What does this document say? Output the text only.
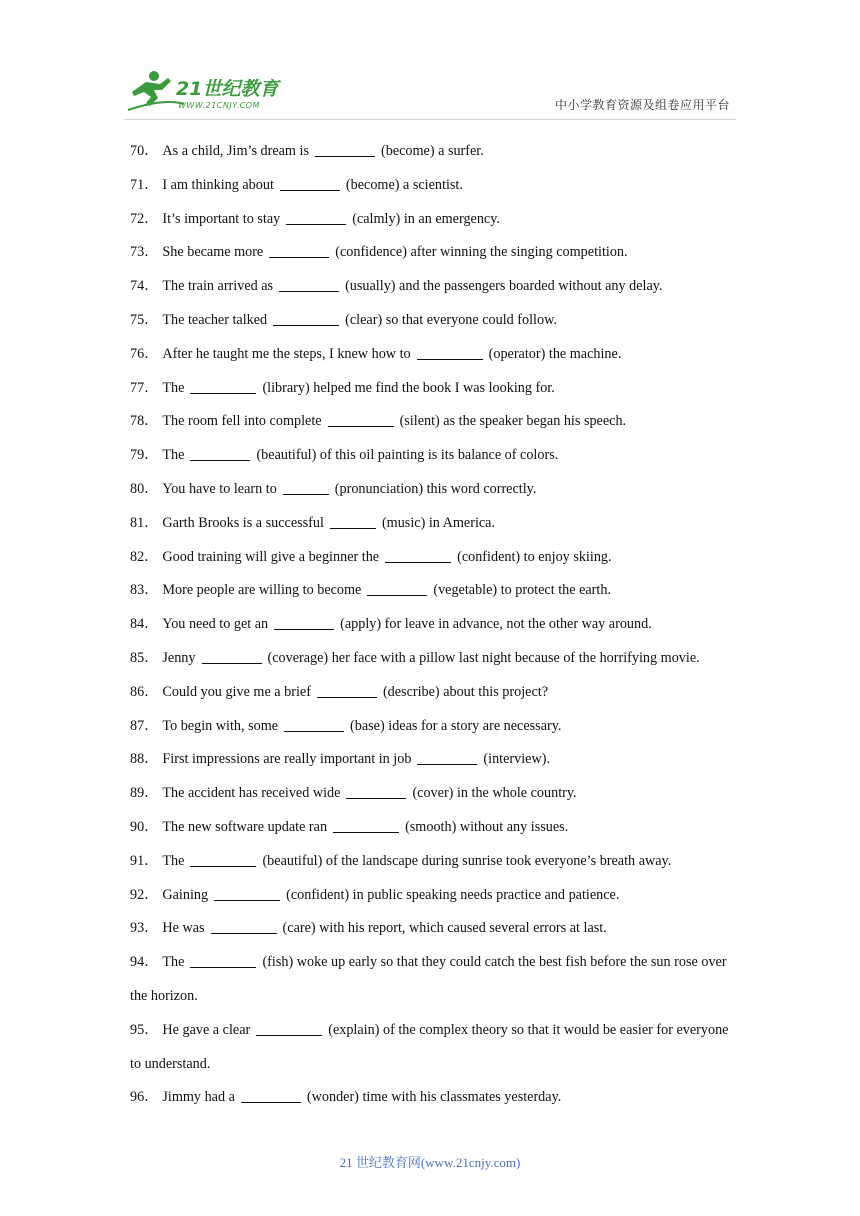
21世纪教育
WWW.21CNJY.COM	中小学教育资源及组卷应用平台
70． As a child, Jim’s dream is	(become) a surfer.
71． I am thinking about	(become) a scientist.
72． It’s important to stay	(calmly) in an emergency.
73． She became more	(confidence) after winning the singing competition.
74． The train arrived as	(usually) and the passengers boarded without any delay.
75． The teacher talked	(clear) so that everyone could follow.
76． After he taught me the steps, I knew how to	(operator) the machine.
77． The	(library) helped me find the book I was looking for.
78． The room fell into complete	(silent) as the speaker began his speech.
79． The	(beautiful) of this oil painting is its balance of colors.
80． You have to learn to	(pronunciation) this word correctly.
81． Garth Brooks is a successful	(music) in America.
82． Good training will give a beginner the	(confident) to enjoy skiing.
83． More people are willing to become	(vegetable) to protect the earth.
84． You need to get an	(apply) for leave in advance, not the other way around.
85． Jenny	(coverage) her face with a pillow last night because of the horrifying movie.
86． Could you give me a brief	(describe) about this project?
87． To begin with, some	(base) ideas for a story are necessary.
88． First impressions are really important in job	(interview).
89． The accident has received wide	(cover) in the whole country.
90． The new software update ran	(smooth) without any issues.
91． The	(beautiful) of the landscape during sunrise took everyone’s breath away.
92． Gaining	(confident) in public speaking needs practice and patience.
93． He was	(care) with his report, which caused several errors at last.
94． The	(fish) woke up early so that they could catch the best fish before the sun rose over the horizon.
95． He gave a clear	(explain) of the complex theory so that it would be easier for everyone to understand.
96． Jimmy had a	(wonder) time with his classmates yesterday.
21 世纪教育网(www.21cnjy.com)
